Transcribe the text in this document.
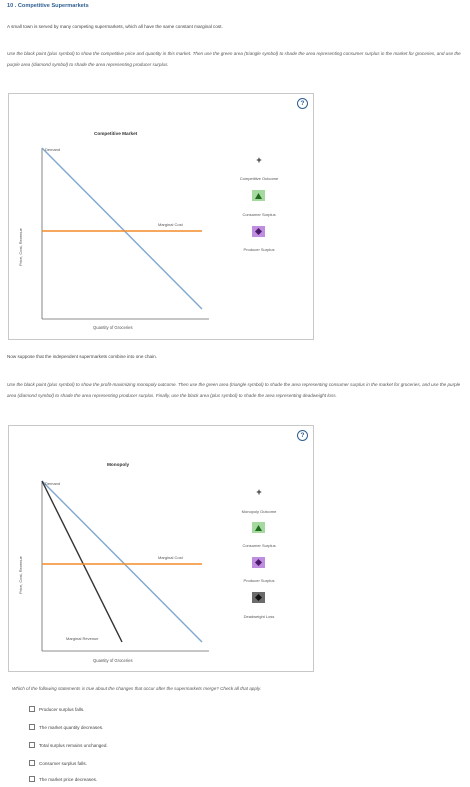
10 . Competitive Supermarkets
A small town is served by many competing supermarkets, which all have the same constant marginal cost.
Use the black point (plus symbol) to show the competitive price and quantity in this market. Then use the green area (triangle symbol) to shade the area representing consumer surplus in the market for groceries, and use the purple area (diamond symbol) to shade the area representing producer surplus.
?
Competitive Market
Price, Cost, Revenue
Quantity of Groceries
Demand
Marginal Cost
+
Competitive Outcome
Consumer Surplus
Producer Surplus
Now suppose that the independent supermarkets combine into one chain.
Use the black point (plus symbol) to show the profit-maximizing monopoly outcome. Then use the green area (triangle symbol) to shade the area representing consumer surplus in the market for groceries, and use the purple area (diamond symbol) to shade the area representing producer surplus. Finally, use the black area (plus symbol) to shade the area representing deadweight loss.
?
Monopoly
Price, Cost, Revenue
Quantity of Groceries
Demand
Marginal Cost
Marginal Revenue
+
Monopoly Outcome
Consumer Surplus
Producer Surplus
Deadweight Loss
Which of the following statements is true about the changes that occur after the supermarkets merge? Check all that apply.
Producer surplus falls.
The market quantity decreases.
Total surplus remains unchanged.
Consumer surplus falls.
The market price decreases.
